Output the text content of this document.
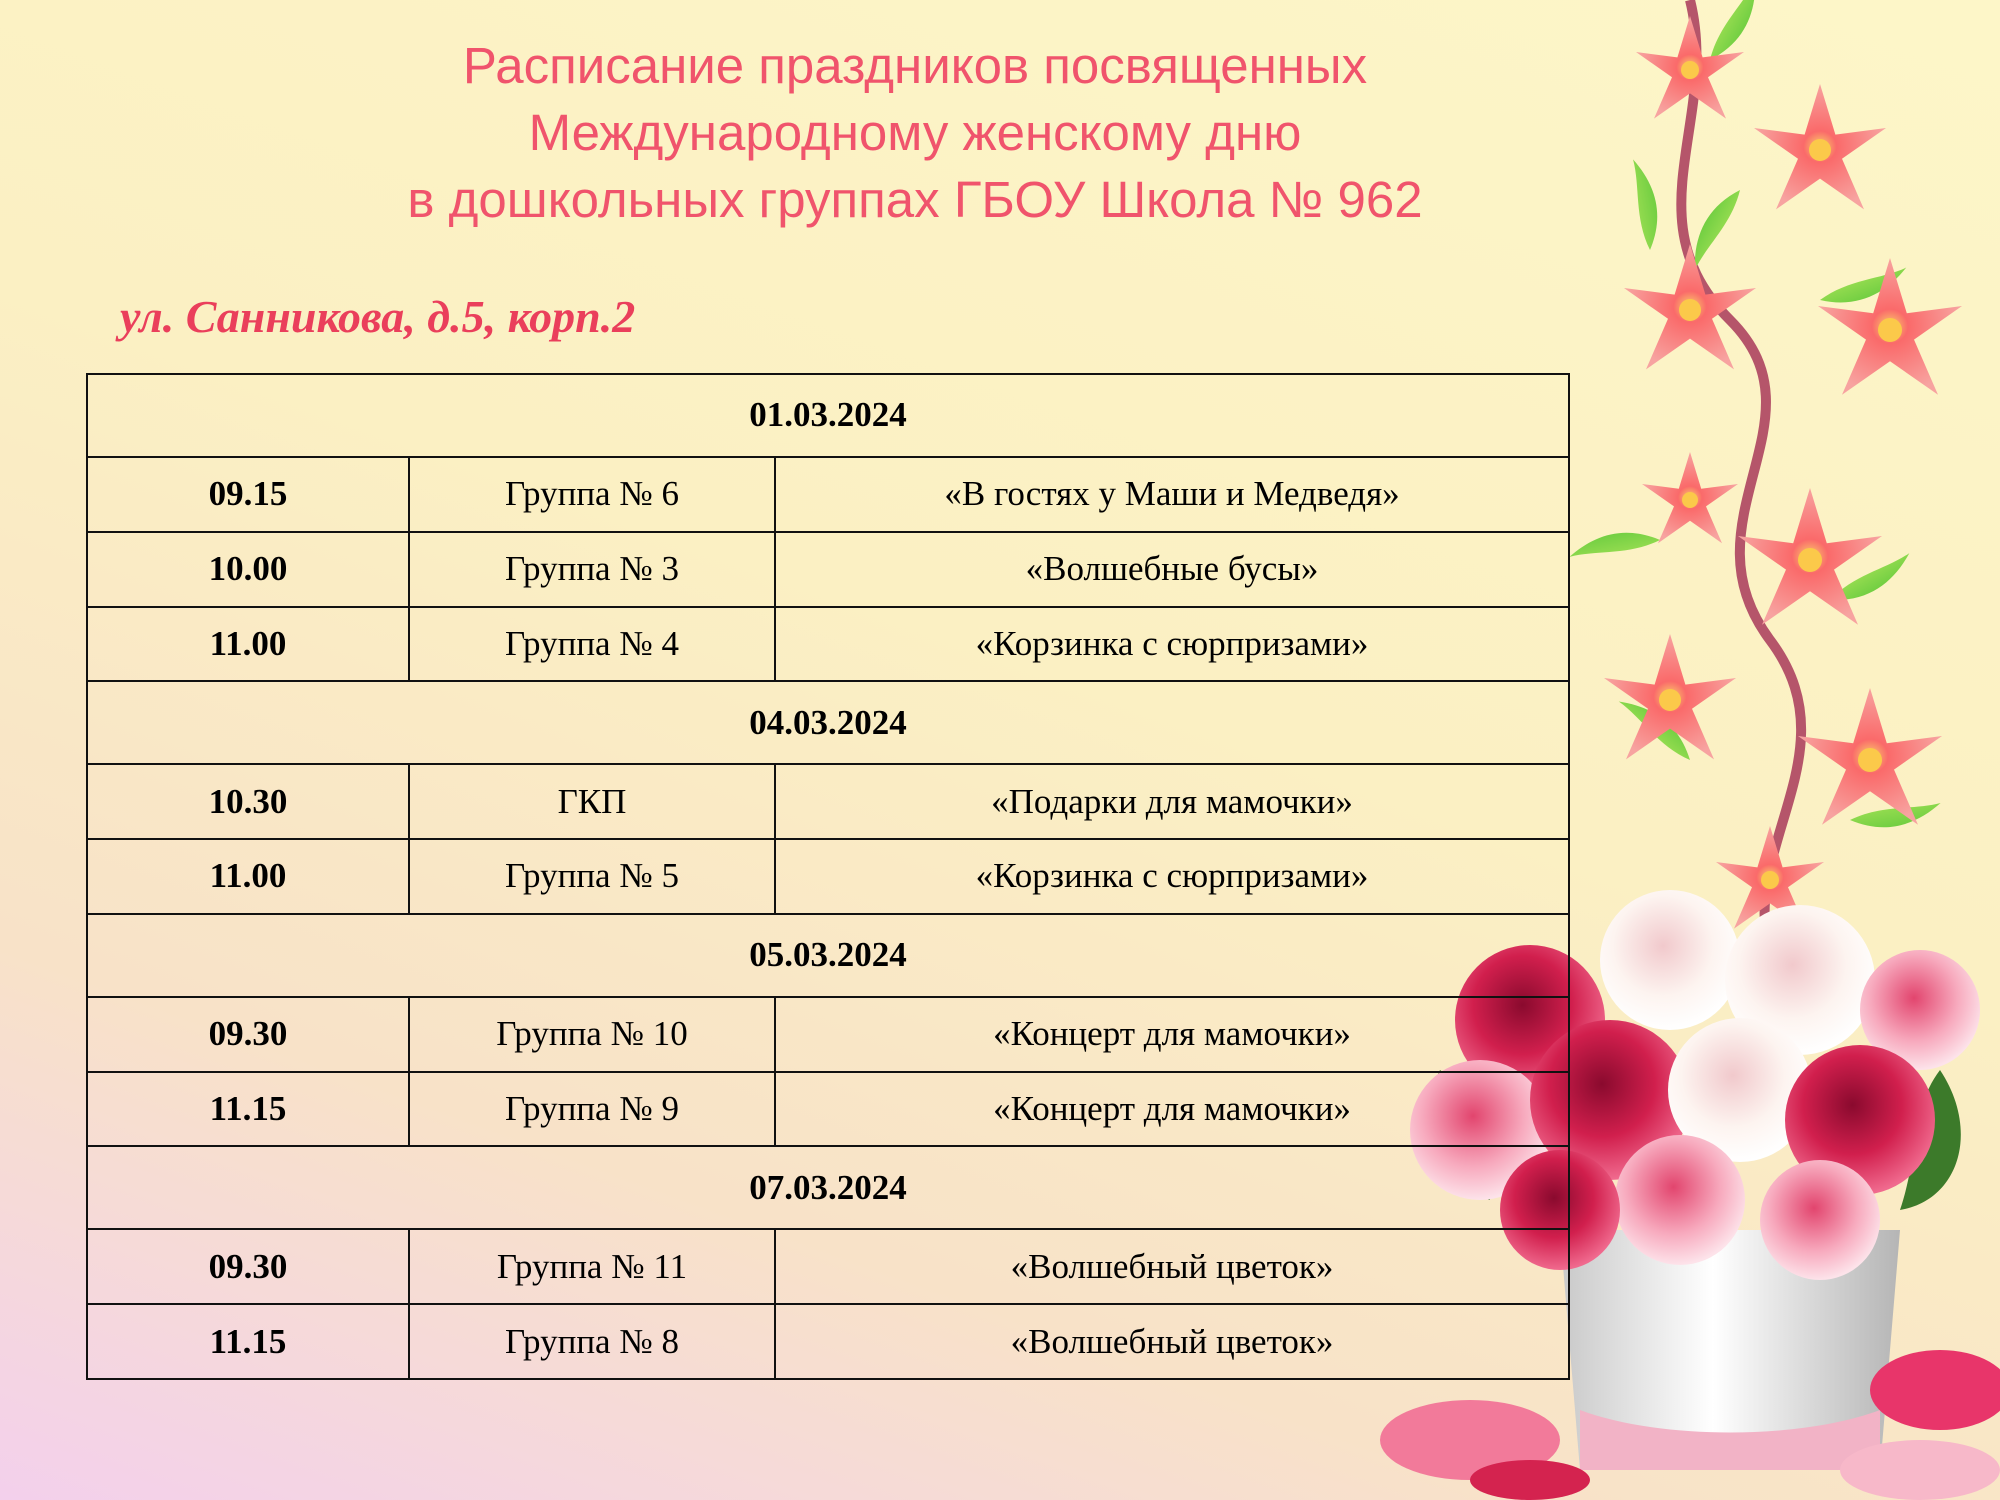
Расписание праздников посвященных
Международному женскому дню
в дошкольных группах ГБОУ Школа № 962
ул. Санникова, д.5, корп.2
01.03.2024		
09.15	Группа № 6	«В гостях у Маши и Медведя»
10.00	Группа № 3	«Волшебные бусы»
11.00	Группа № 4	«Корзинка с сюрпризами»
04.03.2024		
10.30	ГКП	«Подарки для мамочки»
11.00	Группа № 5	«Корзинка с сюрпризами»
05.03.2024		
09.30	Группа № 10	«Концерт для мамочки»
11.15	Группа № 9	«Концерт для мамочки»
07.03.2024		
09.30	Группа № 11	«Волшебный цветок»
11.15	Группа № 8	«Волшебный цветок»
